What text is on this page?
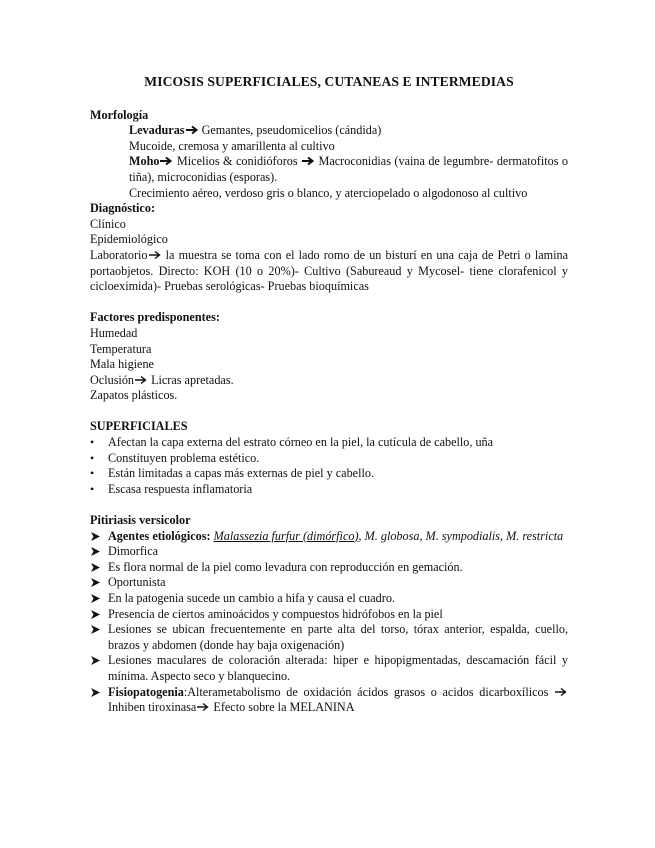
MICOSIS SUPERFICIALES, CUTANEAS E INTERMEDIAS
Morfología
Levaduras
Gemantes, pseudomicelios (cándida)
Mucoide, cremosa y amarillenta al cultivo
Moho
Micelios & conidióforos
Macroconidias (vaina de legumbre- dermatofitos o tiña), microconidias (esporas).
Crecimiento aéreo, verdoso gris o blanco, y aterciopelado o algodonoso al cultivo
Diagnóstico:
Clínico
Epidemiológico
Laboratorio
la muestra se toma con el lado romo de un bisturí en una caja de Petri o lamina portaobjetos. Directo: KOH (10 o 20%)- Cultivo (Sabureaud y Mycosel- tiene clorafenicol y cicloeximida)- Pruebas serológicas- Pruebas bioquímicas
Factores predisponentes:
Humedad
Temperatura
Mala higiene
Oclusión
Licras apretadas.
Zapatos plásticos.
SUPERFICIALES
•	Afectan la capa externa del estrato córneo en la piel, la cutícula de cabello, uña
•	Constituyen problema estético.
•	Están limitadas a capas más externas de piel y cabello.
•	Escasa respuesta inflamatoria
Pitiriasis versicolor
Agentes etiológicos: Malassezia furfur (dimórfico), M. globosa, M. sympodialis, M. restricta
Dimorfica
Es flora normal de la piel como levadura con reproducción en gemación.
Oportunista
En la patogenia sucede un cambio a hifa y causa el cuadro.
Presencia de ciertos aminoácidos y compuestos hidrófobos en la piel
Lesiones se ubican frecuentemente en parte alta del torso, tórax anterior, espalda, cuello, brazos y abdomen (donde hay baja oxigenación)
Lesiones maculares de coloración alterada: hiper e hipopigmentadas, descamación fácil y mínima. Aspecto seco y blanquecino.
Fisiopatogenia:Alterametabolismo de oxidación ácidos grasos o acidos dicarboxílicos
Inhiben tiroxinasa
Efecto sobre la MELANINA
